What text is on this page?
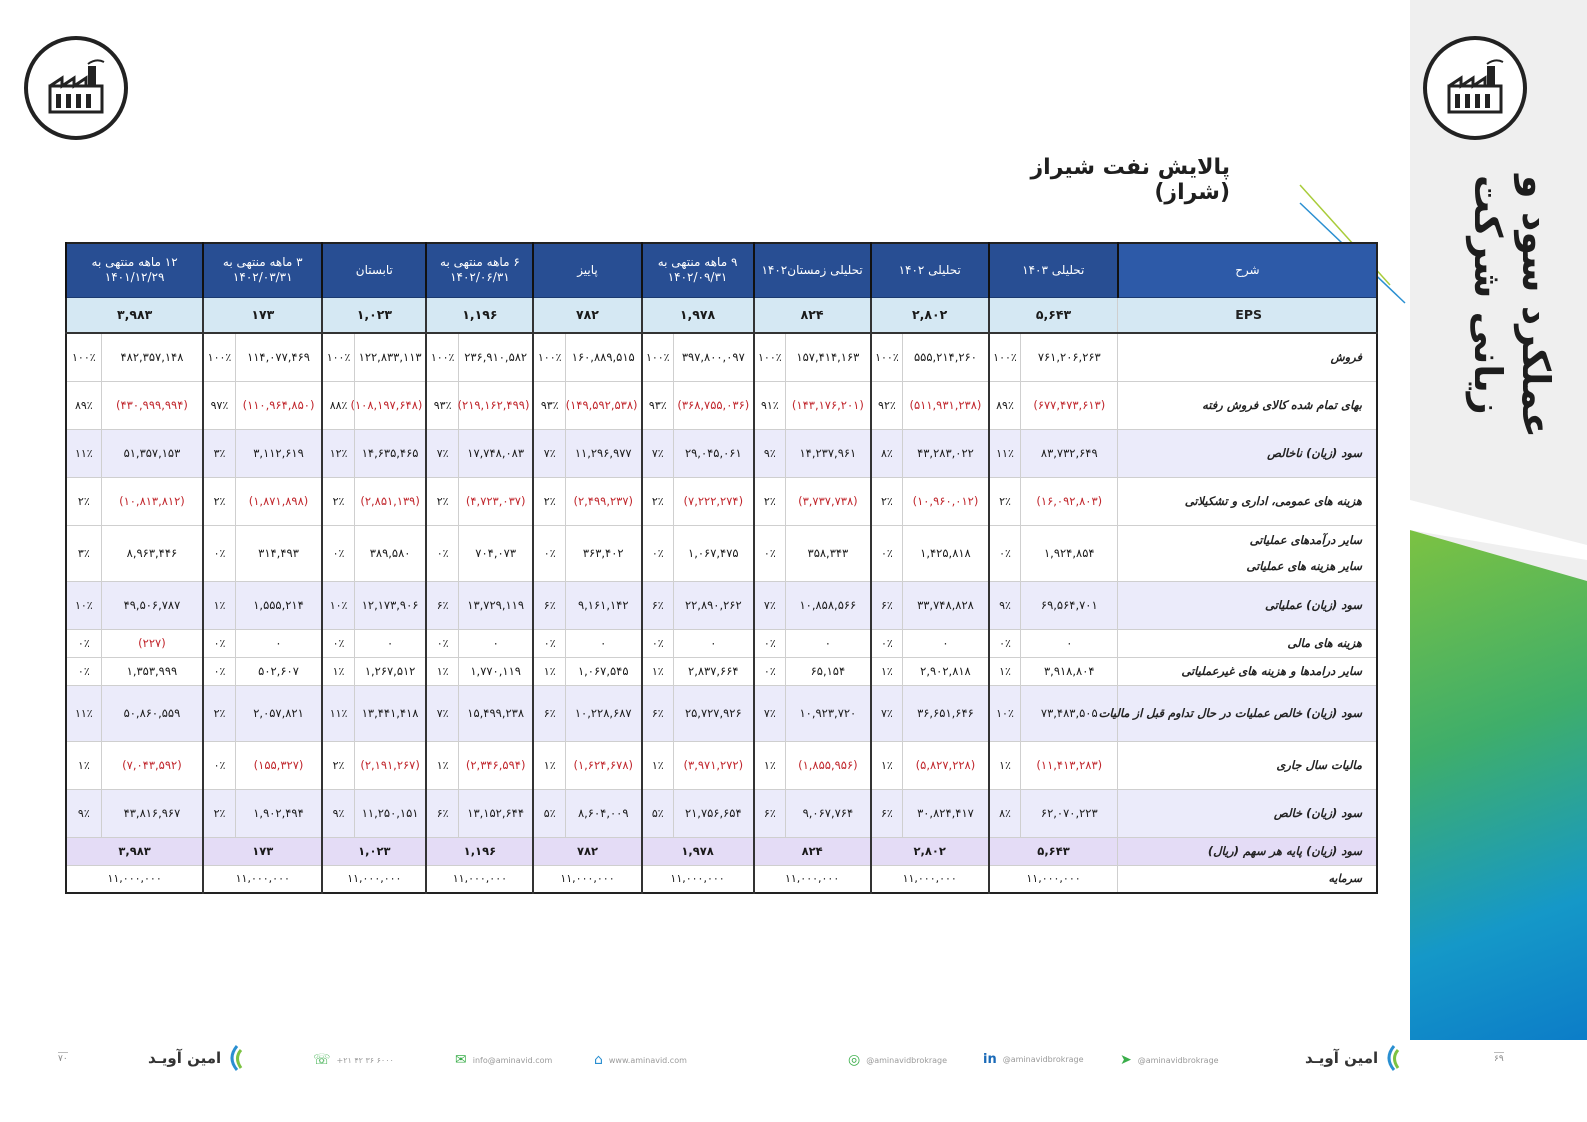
عملکرد سود و زیانی شرکت
پالایش نفت شیراز (شراز)
شرح	تحلیلی ۱۴۰۳		تحلیلی ۱۴۰۲		تحلیلی زمستان۱۴۰۲		۹ ماهه منتهی به
۱۴۰۲/۰۹/۳۱		پاییز		۶ ماهه منتهی به
۱۴۰۲/۰۶/۳۱		تابستان		۳ ماهه منتهی به
۱۴۰۲/۰۳/۳۱		۱۲ ماهه منتهی به
۱۴۰۱/۱۲/۲۹	
EPS	۵,۶۴۳		۲,۸۰۲		۸۲۴		۱,۹۷۸		۷۸۲		۱,۱۹۶		۱,۰۲۳		۱۷۳		۳,۹۸۳	
فروش	۷۶۱,۲۰۶,۲۶۳	۱۰۰٪	۵۵۵,۲۱۴,۲۶۰	۱۰۰٪	۱۵۷,۴۱۴,۱۶۳	۱۰۰٪	۳۹۷,۸۰۰,۰۹۷	۱۰۰٪	۱۶۰,۸۸۹,۵۱۵	۱۰۰٪	۲۳۶,۹۱۰,۵۸۲	۱۰۰٪	۱۲۲,۸۳۳,۱۱۳	۱۰۰٪	۱۱۴,۰۷۷,۴۶۹	۱۰۰٪	۴۸۲,۳۵۷,۱۴۸	۱۰۰٪
بهای تمام شده کالای فروش رفته	(۶۷۷,۴۷۳,۶۱۳)	۸۹٪	(۵۱۱,۹۳۱,۲۳۸)	۹۲٪	(۱۴۳,۱۷۶,۲۰۱)	۹۱٪	(۳۶۸,۷۵۵,۰۳۶)	۹۳٪	(۱۴۹,۵۹۲,۵۳۸)	۹۳٪	(۲۱۹,۱۶۲,۴۹۹)	۹۳٪	(۱۰۸,۱۹۷,۶۴۸)	۸۸٪	(۱۱۰,۹۶۴,۸۵۰)	۹۷٪	(۴۳۰,۹۹۹,۹۹۴)	۸۹٪
سود (زیان) ناخالص	۸۳,۷۳۲,۶۴۹	۱۱٪	۴۳,۲۸۳,۰۲۲	۸٪	۱۴,۲۳۷,۹۶۱	۹٪	۲۹,۰۴۵,۰۶۱	۷٪	۱۱,۲۹۶,۹۷۷	۷٪	۱۷,۷۴۸,۰۸۳	۷٪	۱۴,۶۳۵,۴۶۵	۱۲٪	۳,۱۱۲,۶۱۹	۳٪	۵۱,۳۵۷,۱۵۳	۱۱٪
هزینه های عمومی، اداری و تشکیلاتی	(۱۶,۰۹۲,۸۰۳)	۲٪	(۱۰,۹۶۰,۰۱۲)	۲٪	(۳,۷۳۷,۷۳۸)	۲٪	(۷,۲۲۲,۲۷۴)	۲٪	(۲,۴۹۹,۲۳۷)	۲٪	(۴,۷۲۳,۰۳۷)	۲٪	(۲,۸۵۱,۱۳۹)	۲٪	(۱,۸۷۱,۸۹۸)	۲٪	(۱۰,۸۱۳,۸۱۲)	۲٪

سایر درآمدهای عملیاتی
سایر هزینه های عملیاتی	۱,۹۲۴,۸۵۴	۰٪	۱,۴۲۵,۸۱۸	۰٪	۳۵۸,۳۴۳	۰٪	۱,۰۶۷,۴۷۵	۰٪	۳۶۳,۴۰۲	۰٪	۷۰۴,۰۷۳	۰٪	۳۸۹,۵۸۰	۰٪	۳۱۴,۴۹۳	۰٪	۸,۹۶۳,۴۴۶	۳٪
سود (زیان) عملیاتی	۶۹,۵۶۴,۷۰۱	۹٪	۳۳,۷۴۸,۸۲۸	۶٪	۱۰,۸۵۸,۵۶۶	۷٪	۲۲,۸۹۰,۲۶۲	۶٪	۹,۱۶۱,۱۴۲	۶٪	۱۳,۷۲۹,۱۱۹	۶٪	۱۲,۱۷۳,۹۰۶	۱۰٪	۱,۵۵۵,۲۱۴	۱٪	۴۹,۵۰۶,۷۸۷	۱۰٪
هزینه های مالی	۰	۰٪	۰	۰٪	۰	۰٪	۰	۰٪	۰	۰٪	۰	۰٪	۰	۰٪	۰	۰٪	(۲۲۷)	۰٪
سایر درامدها و هزینه های غیرعملیاتی	۳,۹۱۸,۸۰۴	۱٪	۲,۹۰۲,۸۱۸	۱٪	۶۵,۱۵۴	۰٪	۲,۸۳۷,۶۶۴	۱٪	۱,۰۶۷,۵۴۵	۱٪	۱,۷۷۰,۱۱۹	۱٪	۱,۲۶۷,۵۱۲	۱٪	۵۰۲,۶۰۷	۰٪	۱,۳۵۳,۹۹۹	۰٪
سود (زیان) خالص عملیات در حال تداوم قبل از مالیات	۷۳,۴۸۳,۵۰۵	۱۰٪	۳۶,۶۵۱,۶۴۶	۷٪	۱۰,۹۲۳,۷۲۰	۷٪	۲۵,۷۲۷,۹۲۶	۶٪	۱۰,۲۲۸,۶۸۷	۶٪	۱۵,۴۹۹,۲۳۸	۷٪	۱۳,۴۴۱,۴۱۸	۱۱٪	۲,۰۵۷,۸۲۱	۲٪	۵۰,۸۶۰,۵۵۹	۱۱٪
مالیات سال جاری	(۱۱,۴۱۳,۲۸۳)	۱٪	(۵,۸۲۷,۲۲۸)	۱٪	(۱,۸۵۵,۹۵۶)	۱٪	(۳,۹۷۱,۲۷۲)	۱٪	(۱,۶۲۴,۶۷۸)	۱٪	(۲,۳۴۶,۵۹۴)	۱٪	(۲,۱۹۱,۲۶۷)	۲٪	(۱۵۵,۳۲۷)	۰٪	(۷,۰۴۳,۵۹۲)	۱٪
سود (زیان) خالص	۶۲,۰۷۰,۲۲۳	۸٪	۳۰,۸۲۴,۴۱۷	۶٪	۹,۰۶۷,۷۶۴	۶٪	۲۱,۷۵۶,۶۵۴	۵٪	۸,۶۰۴,۰۰۹	۵٪	۱۳,۱۵۲,۶۴۴	۶٪	۱۱,۲۵۰,۱۵۱	۹٪	۱,۹۰۲,۴۹۴	۲٪	۴۳,۸۱۶,۹۶۷	۹٪
سود (زیان) پایه هر سهم (ریال)	۵,۶۴۳		۲,۸۰۲		۸۲۴		۱,۹۷۸		۷۸۲		۱,۱۹۶		۱,۰۲۳		۱۷۳		۳,۹۸۳	
سرمایه	۱۱,۰۰۰,۰۰۰		۱۱,۰۰۰,۰۰۰		۱۱,۰۰۰,۰۰۰		۱۱,۰۰۰,۰۰۰		۱۱,۰۰۰,۰۰۰		۱۱,۰۰۰,۰۰۰		۱۱,۰۰۰,۰۰۰		۱۱,۰۰۰,۰۰۰		۱۱,۰۰۰,۰۰۰	
۷۰	امین آویـد	☏ +۲۱ ۴۲ ۳۶ ۶۰۰۰	✉ info@aminavid.com	⌂ www.aminavid.com	◎ @aminavidbrokrage	in @aminavidbrokrage	➤ @aminavidbrokrage	امین آویـد	۶۹
